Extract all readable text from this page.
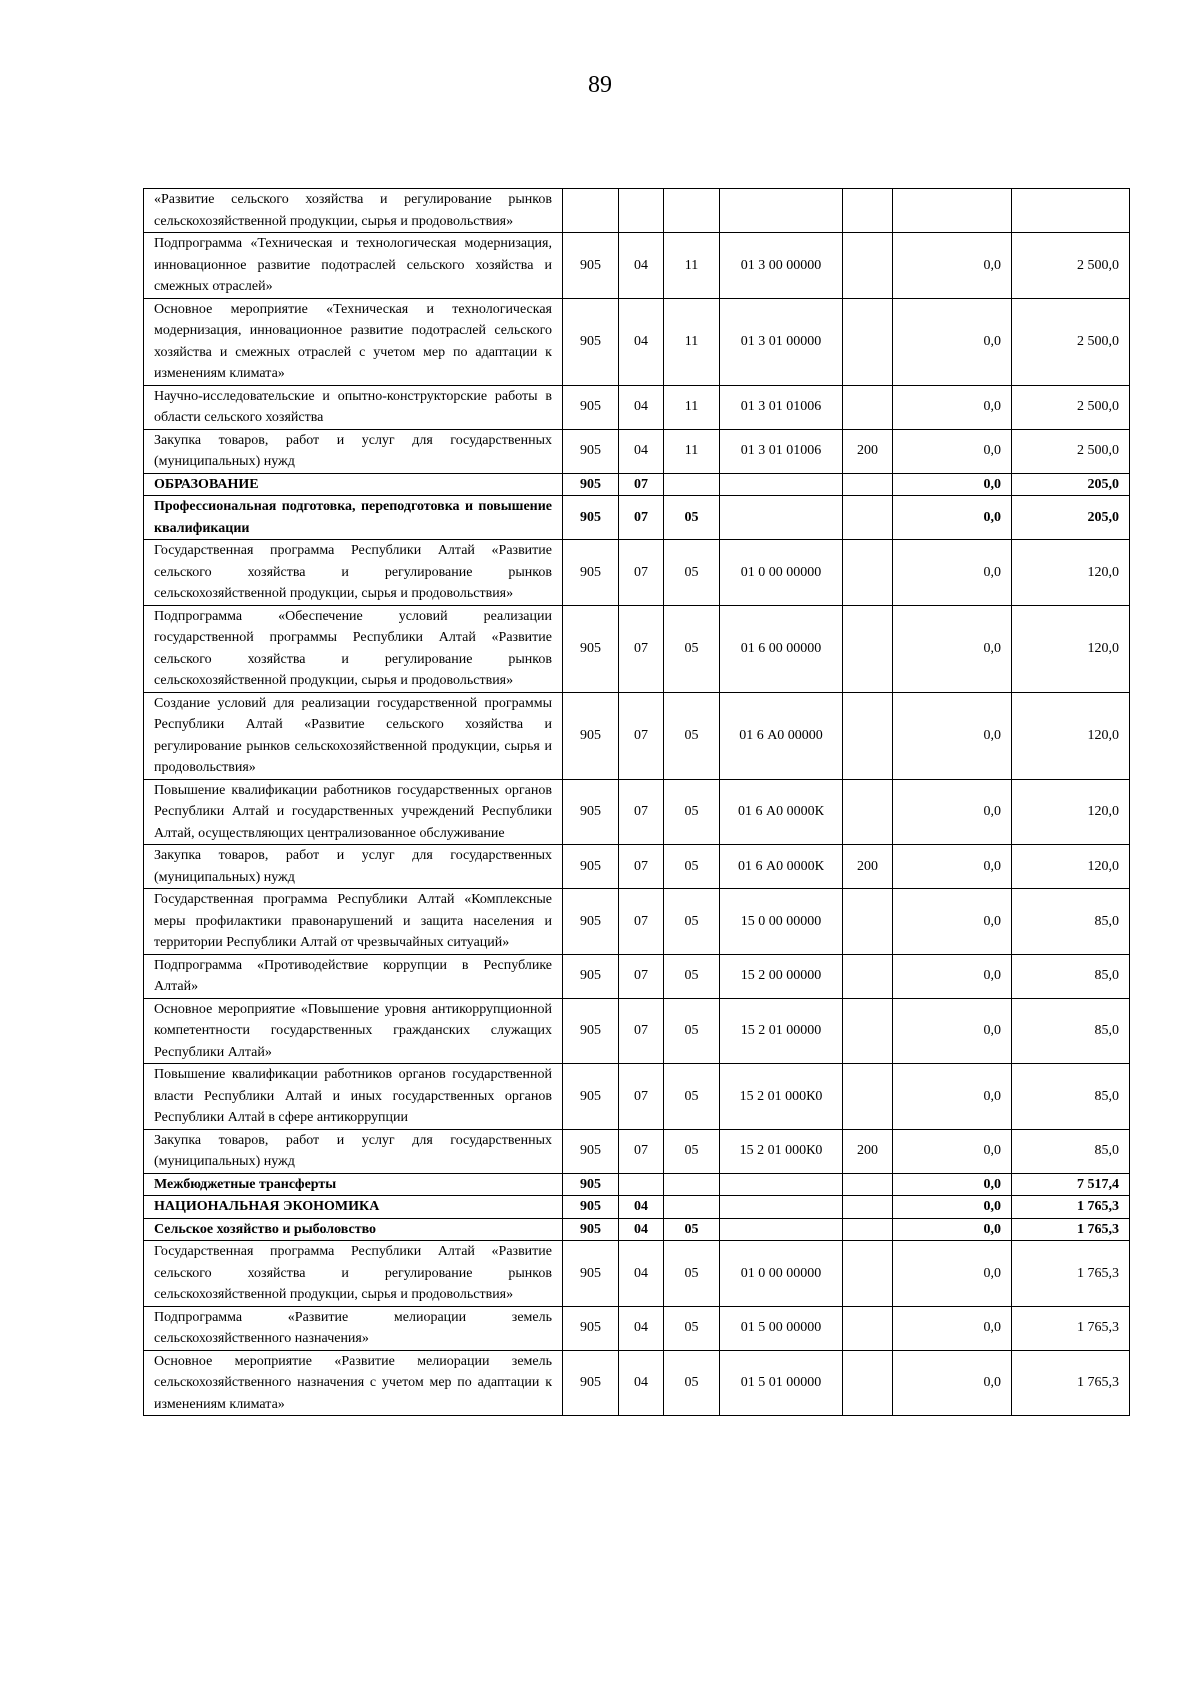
89
«Развитие сельского хозяйства и регулирование рынков сельскохозяйственной продукции, сырья и продовольствия»							
Подпрограмма «Техническая и технологическая модернизация, инновационное развитие подотраслей сельского хозяйства и смежных отраслей»	905	04	11	01 3 00 00000		0,0	2 500,0
Основное мероприятие «Техническая и технологическая модернизация, инновационное развитие подотраслей сельского хозяйства и смежных отраслей с учетом мер по адаптации к изменениям климата»	905	04	11	01 3 01 00000		0,0	2 500,0
Научно-исследовательские и опытно-конструкторские работы в области сельского хозяйства	905	04	11	01 3 01 01006		0,0	2 500,0
Закупка товаров, работ и услуг для государственных (муниципальных) нужд	905	04	11	01 3 01 01006	200	0,0	2 500,0
ОБРАЗОВАНИЕ	905	07				0,0	205,0
Профессиональная подготовка, переподготовка и повышение квалификации	905	07	05			0,0	205,0
Государственная программа Республики Алтай «Развитие сельского хозяйства и регулирование рынков сельскохозяйственной продукции, сырья и продовольствия»	905	07	05	01 0 00 00000		0,0	120,0
Подпрограмма «Обеспечение условий реализации государственной программы Республики Алтай «Развитие сельского хозяйства и регулирование рынков сельскохозяйственной продукции, сырья и продовольствия»	905	07	05	01 6 00 00000		0,0	120,0
Создание условий для реализации государственной программы Республики Алтай «Развитие сельского хозяйства и регулирование рынков сельскохозяйственной продукции, сырья и продовольствия»	905	07	05	01 6 А0 00000		0,0	120,0
Повышение квалификации работников государственных органов Республики Алтай и государственных учреждений Республики Алтай, осуществляющих централизованное обслуживание	905	07	05	01 6 А0 0000К		0,0	120,0
Закупка товаров, работ и услуг для государственных (муниципальных) нужд	905	07	05	01 6 А0 0000К	200	0,0	120,0
Государственная программа Республики Алтай «Комплексные меры профилактики правонарушений и защита населения и территории Республики Алтай от чрезвычайных ситуаций»	905	07	05	15 0 00 00000		0,0	85,0
Подпрограмма «Противодействие коррупции в Республике Алтай»	905	07	05	15 2 00 00000		0,0	85,0
Основное мероприятие «Повышение уровня антикоррупционной компетентности государственных гражданских служащих Республики Алтай»	905	07	05	15 2 01 00000		0,0	85,0
Повышение квалификации работников органов государственной власти Республики Алтай и иных государственных органов Республики Алтай в сфере антикоррупции	905	07	05	15 2 01 000К0		0,0	85,0
Закупка товаров, работ и услуг для государственных (муниципальных) нужд	905	07	05	15 2 01 000К0	200	0,0	85,0
Межбюджетные трансферты	905					0,0	7 517,4
НАЦИОНАЛЬНАЯ ЭКОНОМИКА	905	04				0,0	1 765,3
Сельское хозяйство и рыболовство	905	04	05			0,0	1 765,3
Государственная программа Республики Алтай «Развитие сельского хозяйства и регулирование рынков сельскохозяйственной продукции, сырья и продовольствия»	905	04	05	01 0 00 00000		0,0	1 765,3
Подпрограмма «Развитие мелиорации земель сельскохозяйственного назначения»	905	04	05	01 5 00 00000		0,0	1 765,3
Основное мероприятие «Развитие мелиорации земель сельскохозяйственного назначения с учетом мер по адаптации к изменениям климата»	905	04	05	01 5 01 00000		0,0	1 765,3
